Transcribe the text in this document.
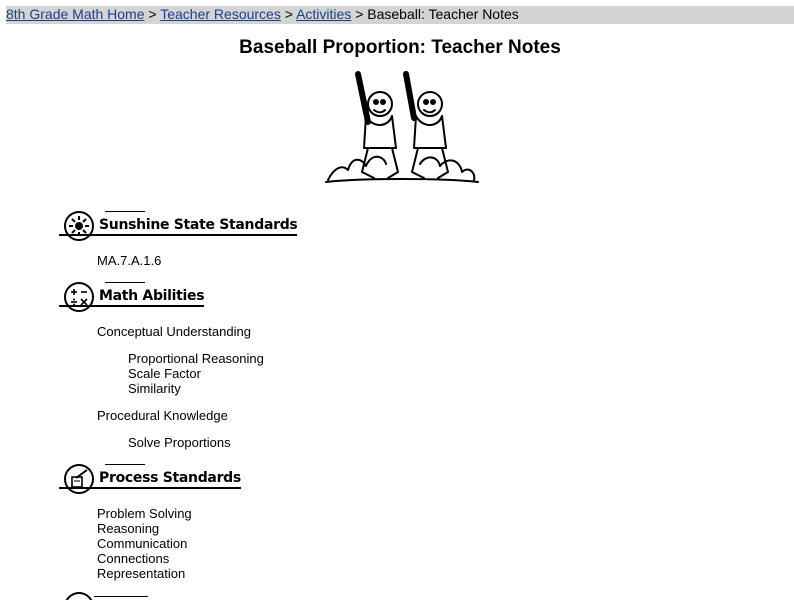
8th Grade Math Home > Teacher Resources > Activities > Baseball: Teacher Notes
Baseball Proportion: Teacher Notes
Sunshine State Standards
MA.7.A.1.6
Math Abilities
Conceptual Understanding
Proportional Reasoning
Scale Factor
Similarity
Procedural Knowledge
Solve Proportions
Process Standards
Problem Solving
Reasoning
Communication
Connections
Representation
